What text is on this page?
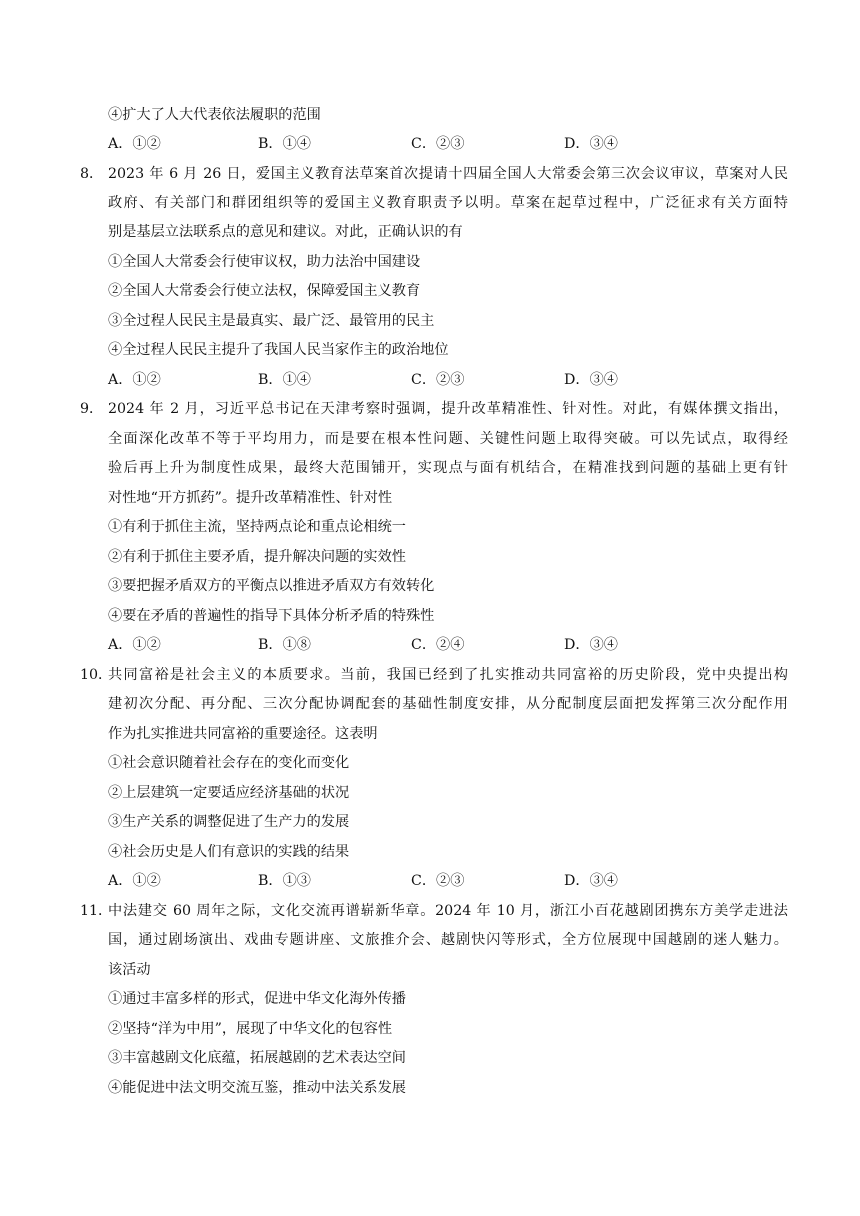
④扩大了人大代表依法履职的范围
A．①②	B．①④	C．②③	D．③④
8． 2023 年 6 月 26 日，爱国主义教育法草案首次提请十四届全国人大常委会第三次会议审议，草案对人民
政府、有关部门和群团组织等的爱国主义教育职责予以明。草案在起草过程中，广泛征求有关方面特
别是基层立法联系点的意见和建议。对此，正确认识的有
①全国人大常委会行使审议权，助力法治中国建设
②全国人大常委会行使立法权，保障爱国主义教育
③全过程人民民主是最真实、最广泛、最管用的民主
④全过程人民民主提升了我国人民当家作主的政治地位
A．①②	B．①④	C．②③	D．③④
9． 2024 年 2 月，习近平总书记在天津考察时强调，提升改革精准性、针对性。对此，有媒体撰文指出，
全面深化改革不等于平均用力，而是要在根本性问题、关键性问题上取得突破。可以先试点，取得经
验后再上升为制度性成果，最终大范围铺开，实现点与面有机结合，在精准找到问题的基础上更有针
对性地“开方抓药”。提升改革精准性、针对性
①有利于抓住主流，坚持两点论和重点论相统一
②有利于抓住主要矛盾，提升解决问题的实效性
③要把握矛盾双方的平衡点以推进矛盾双方有效转化
④要在矛盾的普遍性的指导下具体分析矛盾的特殊性
A．①②	B．①⑧	C．②④	D．③④
10．
共同富裕是社会主义的本质要求。当前，我国已经到了扎实推动共同富裕的历史阶段，党中央提出构
建初次分配、再分配、三次分配协调配套的基础性制度安排，从分配制度层面把发挥第三次分配作用
作为扎实推进共同富裕的重要途径。这表明
①社会意识随着社会存在的变化而变化
②上层建筑一定要适应经济基础的状况
③生产关系的调整促进了生产力的发展
④社会历史是人们有意识的实践的结果
A．①②	B．①③	C．②③	D．③④
11．
中法建交 60 周年之际，文化交流再谱崭新华章。2024 年 10 月，浙江小百花越剧团携东方美学走进法
国，通过剧场演出、戏曲专题讲座、文旅推介会、越剧快闪等形式，全方位展现中国越剧的迷人魅力。
该活动
①通过丰富多样的形式，促进中华文化海外传播
②坚持“洋为中用”，展现了中华文化的包容性
③丰富越剧文化底蕴，拓展越剧的艺术表达空间
④能促进中法文明交流互鉴，推动中法关系发展
